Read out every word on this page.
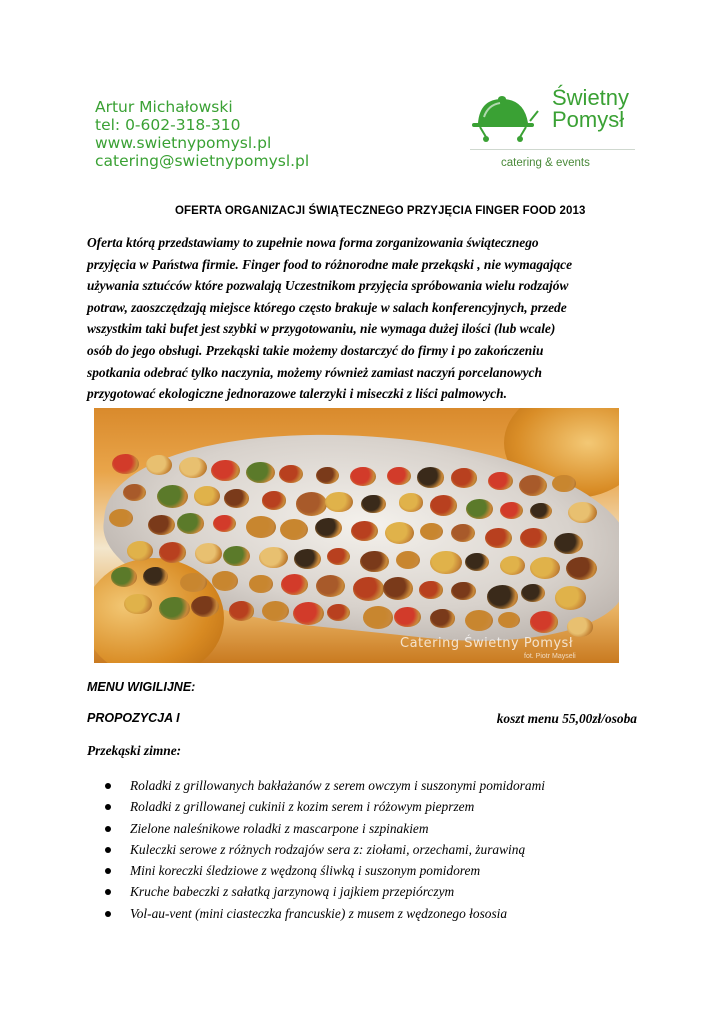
Artur Michałowski
tel: 0-602-318-310
www.swietnypomysl.pl
catering@swietnypomysl.pl
Świetny
Pomysł
catering & events
OFERTA ORGANIZACJI ŚWIĄTECZNEGO PRZYJĘCIA FINGER FOOD 2013
Oferta którą przedstawiamy to zupełnie nowa forma zorganizowania świątecznego
przyjęcia w Państwa firmie. Finger food to różnorodne małe przekąski , nie wymagające
używania sztućców które pozwalają Uczestnikom przyjęcia spróbowania wielu rodzajów
potraw, zaoszczędzają miejsce którego często brakuje w salach konferencyjnych, przede
wszystkim taki bufet jest szybki w przygotowaniu, nie wymaga dużej ilości (lub wcale)
osób do jego obsługi. Przekąski takie możemy dostarczyć do firmy i po zakończeniu
spotkania odebrać tylko naczynia, możemy również zamiast naczyń porcelanowych
przygotować ekologiczne jednorazowe talerzyki i miseczki z liści palmowych.
Catering Świetny Pomysł
fot. Piotr Mayseli
MENU WIGILIJNE:
PROPOZYCJA I	koszt menu 55,00zł/osoba
Przekąski zimne:
Roladki z grillowanych bakłażanów z serem owczym i suszonymi pomidorami
Roladki z grillowanej cukinii z kozim serem i różowym pieprzem
Zielone naleśnikowe roladki z mascarpone i szpinakiem
Kuleczki serowe z różnych rodzajów sera z: ziołami, orzechami, żurawiną
Mini koreczki śledziowe z wędzoną śliwką i suszonym pomidorem
Kruche babeczki z sałatką jarzynową i jajkiem przepiórczym
Vol-au-vent (mini ciasteczka francuskie) z musem z wędzonego łososia
